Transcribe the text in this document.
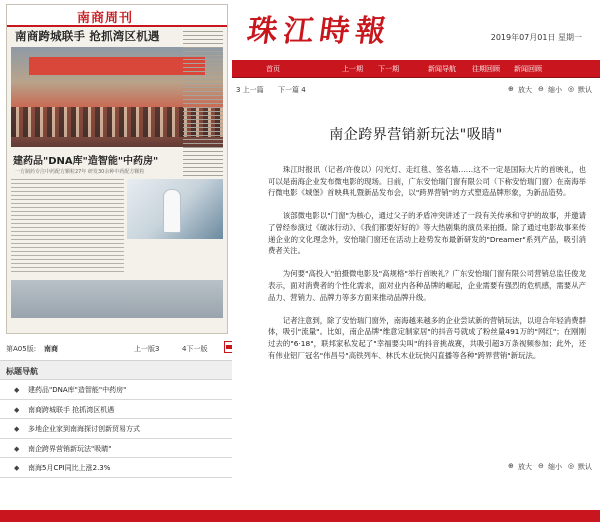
南商周刊
南商跨城联手 抢抓湾区机遇
建药品"DNA库"造智能"中药房"
一方制药专注中药配方颗粒27年 研发30余种中药配方颗粒
第A05版: 南商	上一版3	4下一版
标题导航
◆ 建药品"DNA库"造智能"中药房"
◆ 南商跨城联手 抢抓湾区机遇
◆ 多地企业家到南海探讨创新贸易方式
◆ 南企跨界营销新玩法"吸睛"
◆ 南海5月CPI同比上涨2.3%
珠江時報	2019年07月01日 星期一
首页	上一期 下一期	新闻导航 往期回顾 新闻回顾
3 上一篇 下一篇 4	⊕ 放大 ⊖ 缩小 ◎ 默认
南企跨界营销新玩法"吸睛"

珠江时报讯（记者/许俊以）闪光灯、走红毯、签名墙……这不一定是国际大片的首映礼，也可以是南海企业发布微电影的现场。日前，广东安怡瑞门窗有限公司（下称安怡瑞门窗）在南海举行微电影《城堡》首映典礼暨新品发布会，以"跨界营销"的方式塑造品牌形象，为新品造势。

该部微电影以"门窗"为核心，通过父子的矛盾冲突讲述了一段有关传承和守护的故事，并邀请了曾经参演过《破冰行动》、《我们都要好好的》等大热剧集的演员来拍摄。除了通过电影故事来传递企业的文化理念外，安怡瑞门窗还在活动上趁势发布最新研发的"Dreamer"系列产品，吸引消费者关注。

为何要"高投入"拍摄微电影及"高规格"举行首映礼？广东安怡瑞门窗有限公司营销总监任俊龙表示，面对消费者的个性化需求，面对业内各种品牌的崛起，企业需要有强烈的危机感，需要从产品力、营销力、品牌力等多方面来推动品牌升级。

记者注意到，除了安怡瑞门窗外，南海越来越多的企业尝试新的营销玩法，以迎合年轻消费群体，吸引"流量"。比如，南企品牌"维意定制家居"的抖音号就成了粉丝量491万的"网红"；在刚刚过去的"6·18"，联邦家私发起了"幸福要尖叫"的抖音挑战赛，共吸引超3万条视频参加；此外，还有伟业铝厂冠名"伟昌号"高铁列车、林氏木业玩快闪直播等各种"跨界营销"新玩法。

⊕ 放大 ⊖ 缩小 ◎ 默认
